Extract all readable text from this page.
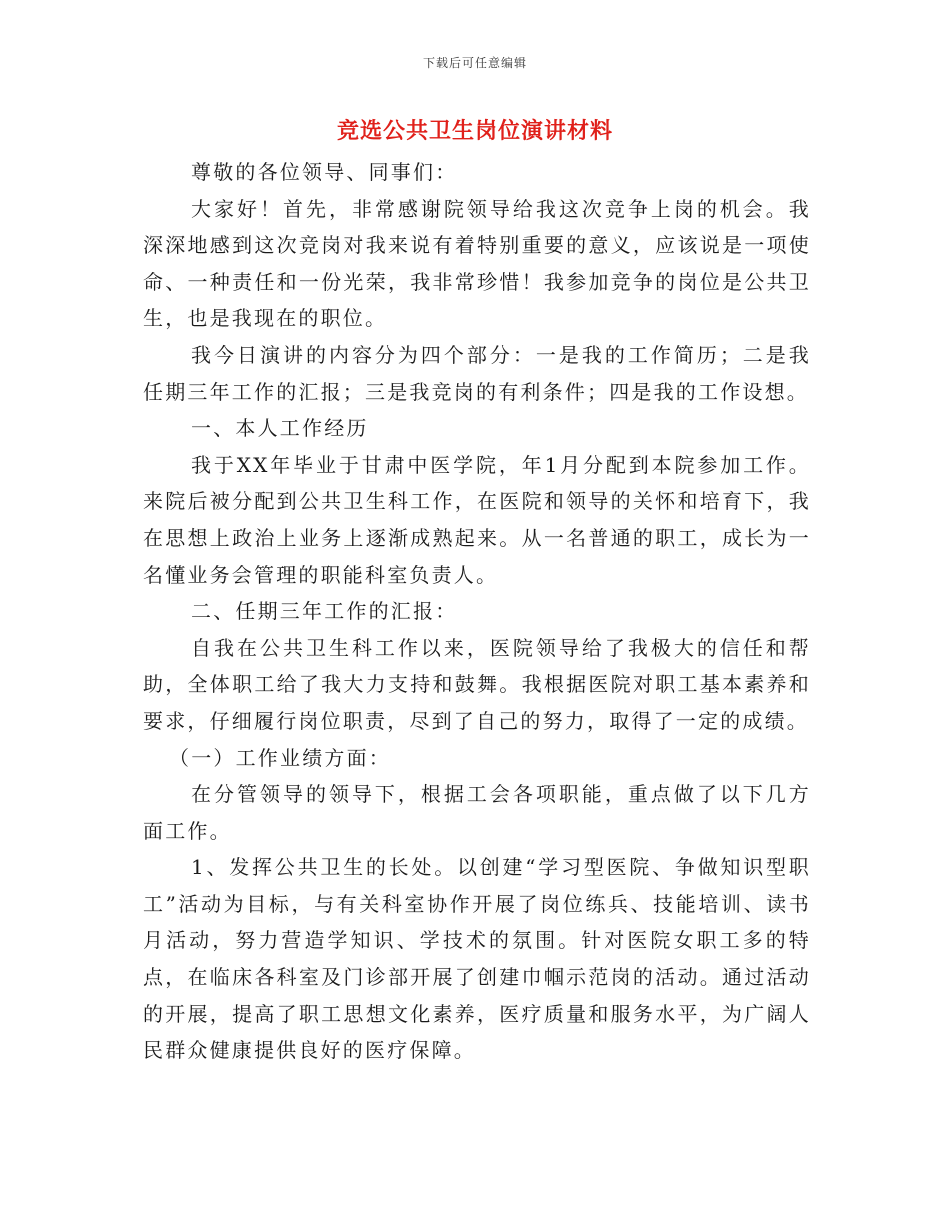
下载后可任意编辑
竞选公共卫生岗位演讲材料

尊敬的各位领导、同事们：

大家好！首先，非常感谢院领导给我这次竞争上岗的机会。我深深地感到这次竞岗对我来说有着特别重要的意义，应该说是一项使命、一种责任和一份光荣，我非常珍惜！我参加竞争的岗位是公共卫生，也是我现在的职位。

我今日演讲的内容分为四个部分：一是我的工作简历；二是我任期三年工作的汇报；三是我竞岗的有利条件；四是我的工作设想。

一、本人工作经历

我于XX年毕业于甘肃中医学院，年1月分配到本院参加工作。来院后被分配到公共卫生科工作，在医院和领导的关怀和培育下，我在思想上政治上业务上逐渐成熟起来。从一名普通的职工，成长为一名懂业务会管理的职能科室负责人。

二、任期三年工作的汇报：

自我在公共卫生科工作以来，医院领导给了我极大的信任和帮助，全体职工给了我大力支持和鼓舞。我根据医院对职工基本素养和要求，仔细履行岗位职责，尽到了自己的努力，取得了一定的成绩。

（一）工作业绩方面：

在分管领导的领导下，根据工会各项职能，重点做了以下几方面工作。

1、发挥公共卫生的长处。以创建“学习型医院、争做知识型职工”活动为目标，与有关科室协作开展了岗位练兵、技能培训、读书月活动，努力营造学知识、学技术的氛围。针对医院女职工多的特点，在临床各科室及门诊部开展了创建巾帼示范岗的活动。通过活动的开展，提高了职工思想文化素养，医疗质量和服务水平，为广阔人民群众健康提供良好的医疗保障。
